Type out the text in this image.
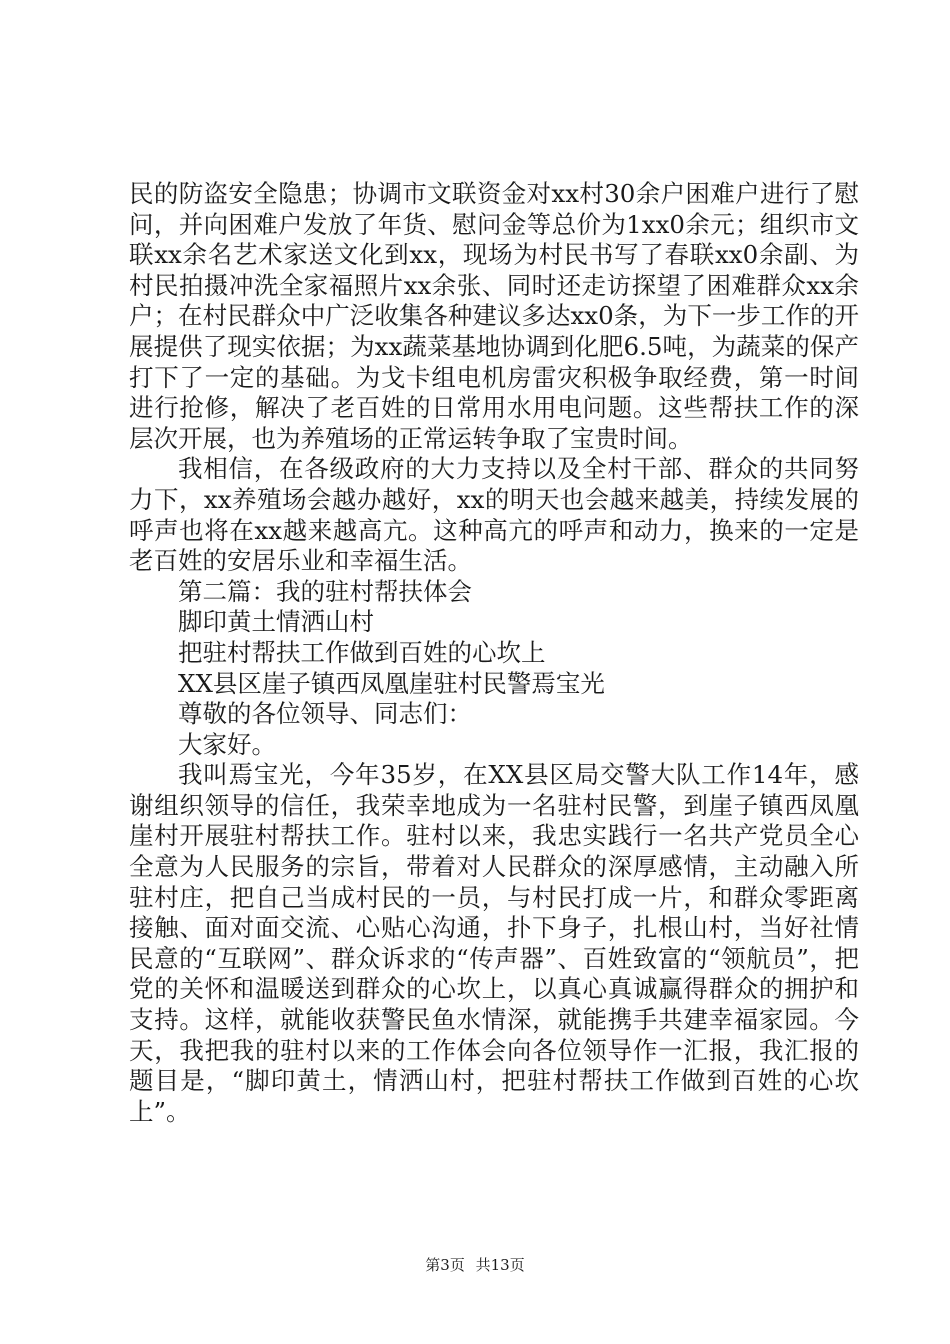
民的防盗安全隐患；协调市文联资金对xx村30余户困难户进行了慰问，并向困难户发放了年货、慰问金等总价为1xx0余元；组织市文联xx余名艺术家送文化到xx，现场为村民书写了春联xx0余副、为村民拍摄冲洗全家福照片xx余张、同时还走访探望了困难群众xx余户；在村民群众中广泛收集各种建议多达xx0条，为下一步工作的开展提供了现实依据；为xx蔬菜基地协调到化肥6.5吨，为蔬菜的保产打下了一定的基础。为戈卡组电机房雷灾积极争取经费，第一时间进行抢修，解决了老百姓的日常用水用电问题。这些帮扶工作的深层次开展，也为养殖场的正常运转争取了宝贵时间。

我相信，在各级政府的大力支持以及全村干部、群众的共同努力下，xx养殖场会越办越好，xx的明天也会越来越美，持续发展的呼声也将在xx越来越高亢。这种高亢的呼声和动力，换来的一定是老百姓的安居乐业和幸福生活。

第二篇：我的驻村帮扶体会

脚印黄土情洒山村

把驻村帮扶工作做到百姓的心坎上

XX县区崖子镇西凤凰崖驻村民警焉宝光

尊敬的各位领导、同志们：

大家好。

我叫焉宝光，今年35岁，在XX县区局交警大队工作14年，感谢组织领导的信任，我荣幸地成为一名驻村民警，到崖子镇西凤凰崖村开展驻村帮扶工作。驻村以来，我忠实践行一名共产党员全心全意为人民服务的宗旨，带着对人民群众的深厚感情，主动融入所驻村庄，把自己当成村民的一员，与村民打成一片，和群众零距离接触、面对面交流、心贴心沟通，扑下身子，扎根山村，当好社情民意的“互联网”、群众诉求的“传声器”、百姓致富的“领航员”，把党的关怀和温暖送到群众的心坎上，以真心真诚赢得群众的拥护和支持。这样，就能收获警民鱼水情深，就能携手共建幸福家园。今天，我把我的驻村以来的工作体会向各位领导作一汇报，我汇报的题目是，“脚印黄土，情洒山村，把驻村帮扶工作做到百姓的心坎上”。

第3页 共13页
